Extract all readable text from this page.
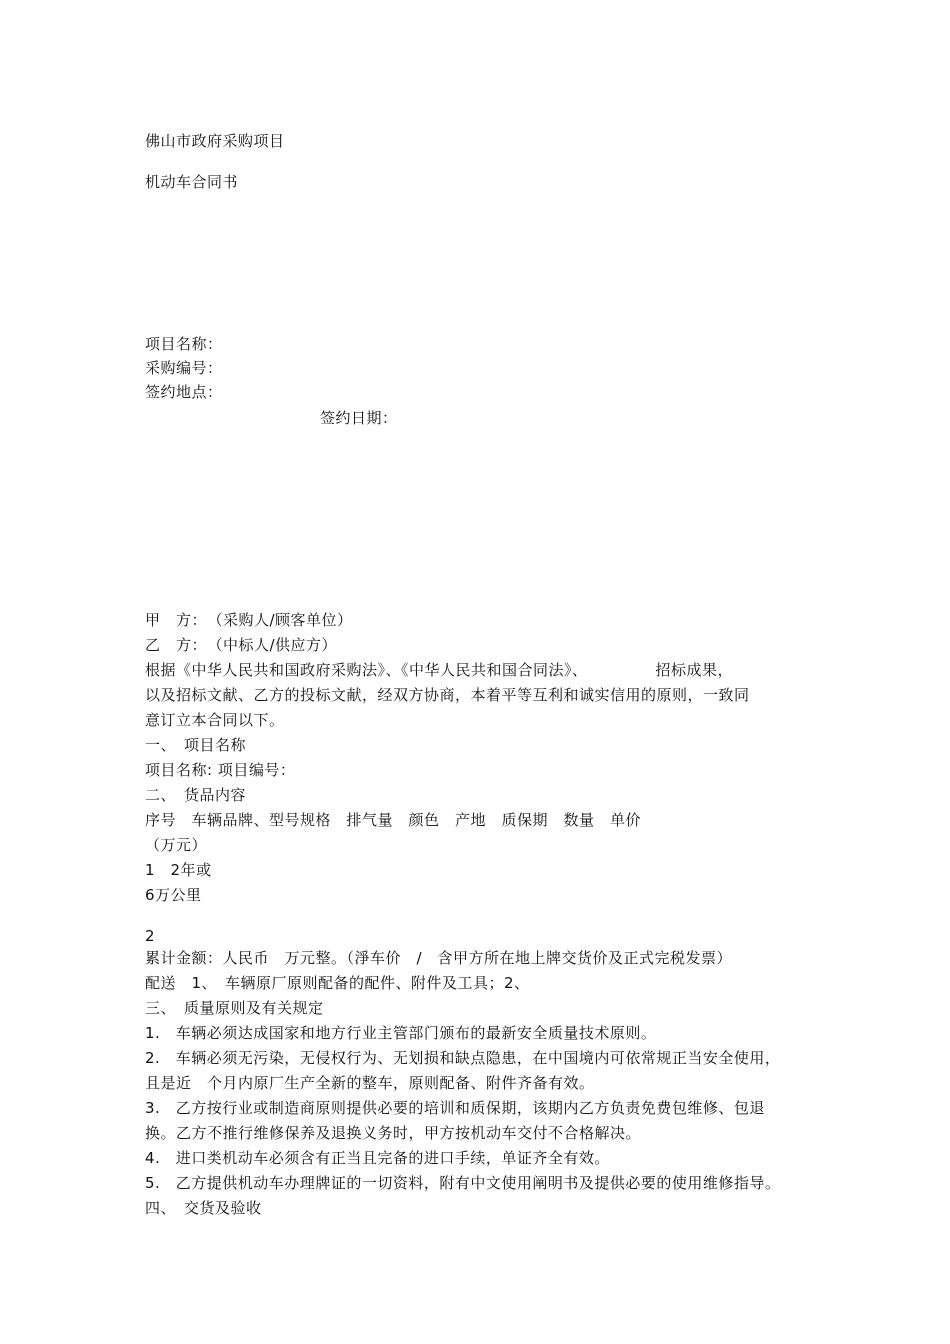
佛山市政府采购项目
机动车合同书
项目名称：
采购编号：
签约地点：
签约日期：
甲　方：　（采购人/顾客单位）
乙　方：　（中标人/供应方）
根据《中华人民共和国政府采购法》、《中华人民共和国合同法》、	招标成果，
以及招标文献、乙方的投标文献，经双方协商，本着平等互利和诚实信用的原则，一致同
意订立本合同以下。
一、　项目名称
项目名称: 项目编号：
二、　货品内容
序号　车辆品牌、型号规格　排气量　颜色　产地　质保期　数量　单价
（万元）
1　2年或
6万公里
2
累计金额：人民币　万元整。（淨车价　/　含甲方所在地上牌交货价及正式完税发票）
配送　1、　车辆原厂原则配备的配件、附件及工具；2、
三、　质量原则及有关规定
1.　车辆必须达成国家和地方行业主管部门颁布的最新安全质量技术原则。
2.　车辆必须无污染，无侵权行为、无划损和缺点隐患，在中国境内可依常规正当安全使用，
且是近　个月内原厂生产全新的整车，原则配备、附件齐备有效。
3.　乙方按行业或制造商原则提供必要的培训和质保期，该期内乙方负责免费包维修、包退
换。乙方不推行维修保养及退换义务时，甲方按机动车交付不合格解决。
4.　进口类机动车必须含有正当且完备的进口手续，单证齐全有效。
5.　乙方提供机动车办理牌证的一切资料，附有中文使用阐明书及提供必要的使用维修指导。
四、　交货及验收
